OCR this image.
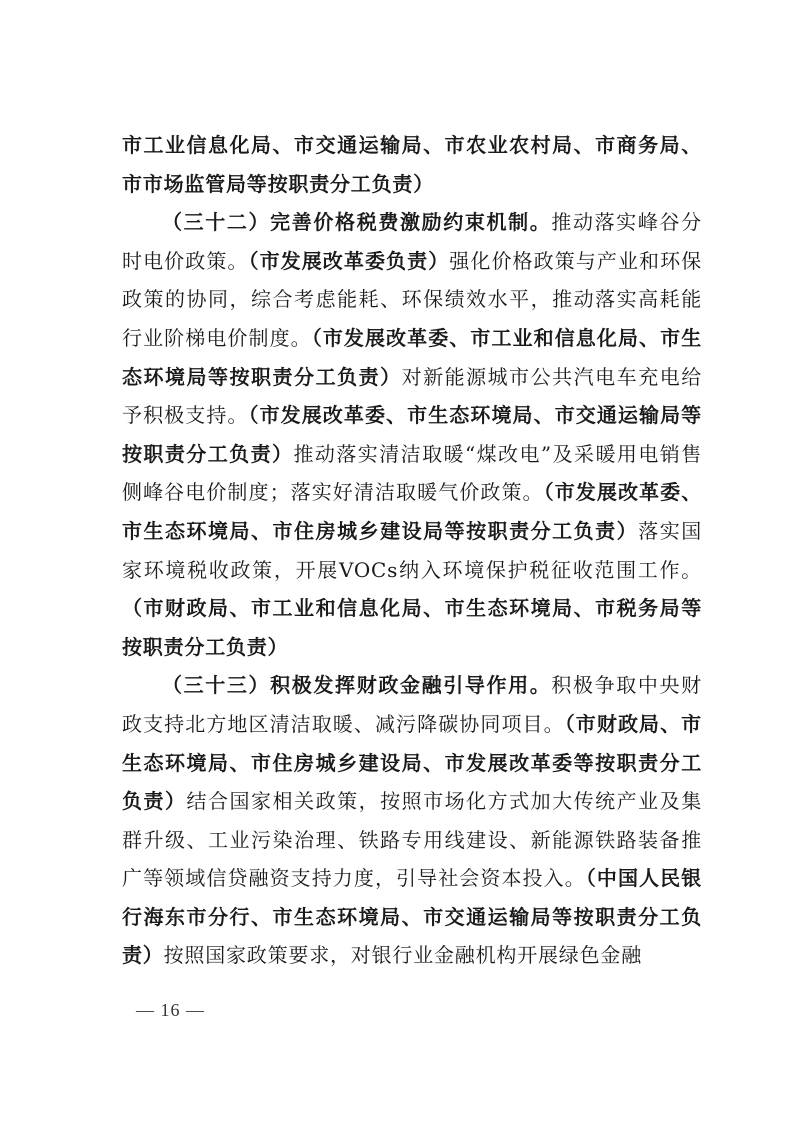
市工业信息化局、市交通运输局、市农业农村局、市商务局、市市场监管局等按职责分工负责）

（三十二）完善价格税费激励约束机制。推动落实峰谷分时电价政策。（市发展改革委负责）强化价格政策与产业和环保政策的协同，综合考虑能耗、环保绩效水平，推动落实高耗能行业阶梯电价制度。（市发展改革委、市工业和信息化局、市生态环境局等按职责分工负责）对新能源城市公共汽电车充电给予积极支持。（市发展改革委、市生态环境局、市交通运输局等按职责分工负责）推动落实清洁取暖“煤改电”及采暖用电销售侧峰谷电价制度；落实好清洁取暖气价政策。（市发展改革委、市生态环境局、市住房城乡建设局等按职责分工负责）落实国家环境税收政策，开展VOCs纳入环境保护税征收范围工作。（市财政局、市工业和信息化局、市生态环境局、市税务局等按职责分工负责）

（三十三）积极发挥财政金融引导作用。积极争取中央财政支持北方地区清洁取暖、减污降碳协同项目。（市财政局、市生态环境局、市住房城乡建设局、市发展改革委等按职责分工负责）结合国家相关政策，按照市场化方式加大传统产业及集群升级、工业污染治理、铁路专用线建设、新能源铁路装备推广等领域信贷融资支持力度，引导社会资本投入。（中国人民银行海东市分行、市生态环境局、市交通运输局等按职责分工负责）按照国家政策要求，对银行业金融机构开展绿色金融

— 16 —
